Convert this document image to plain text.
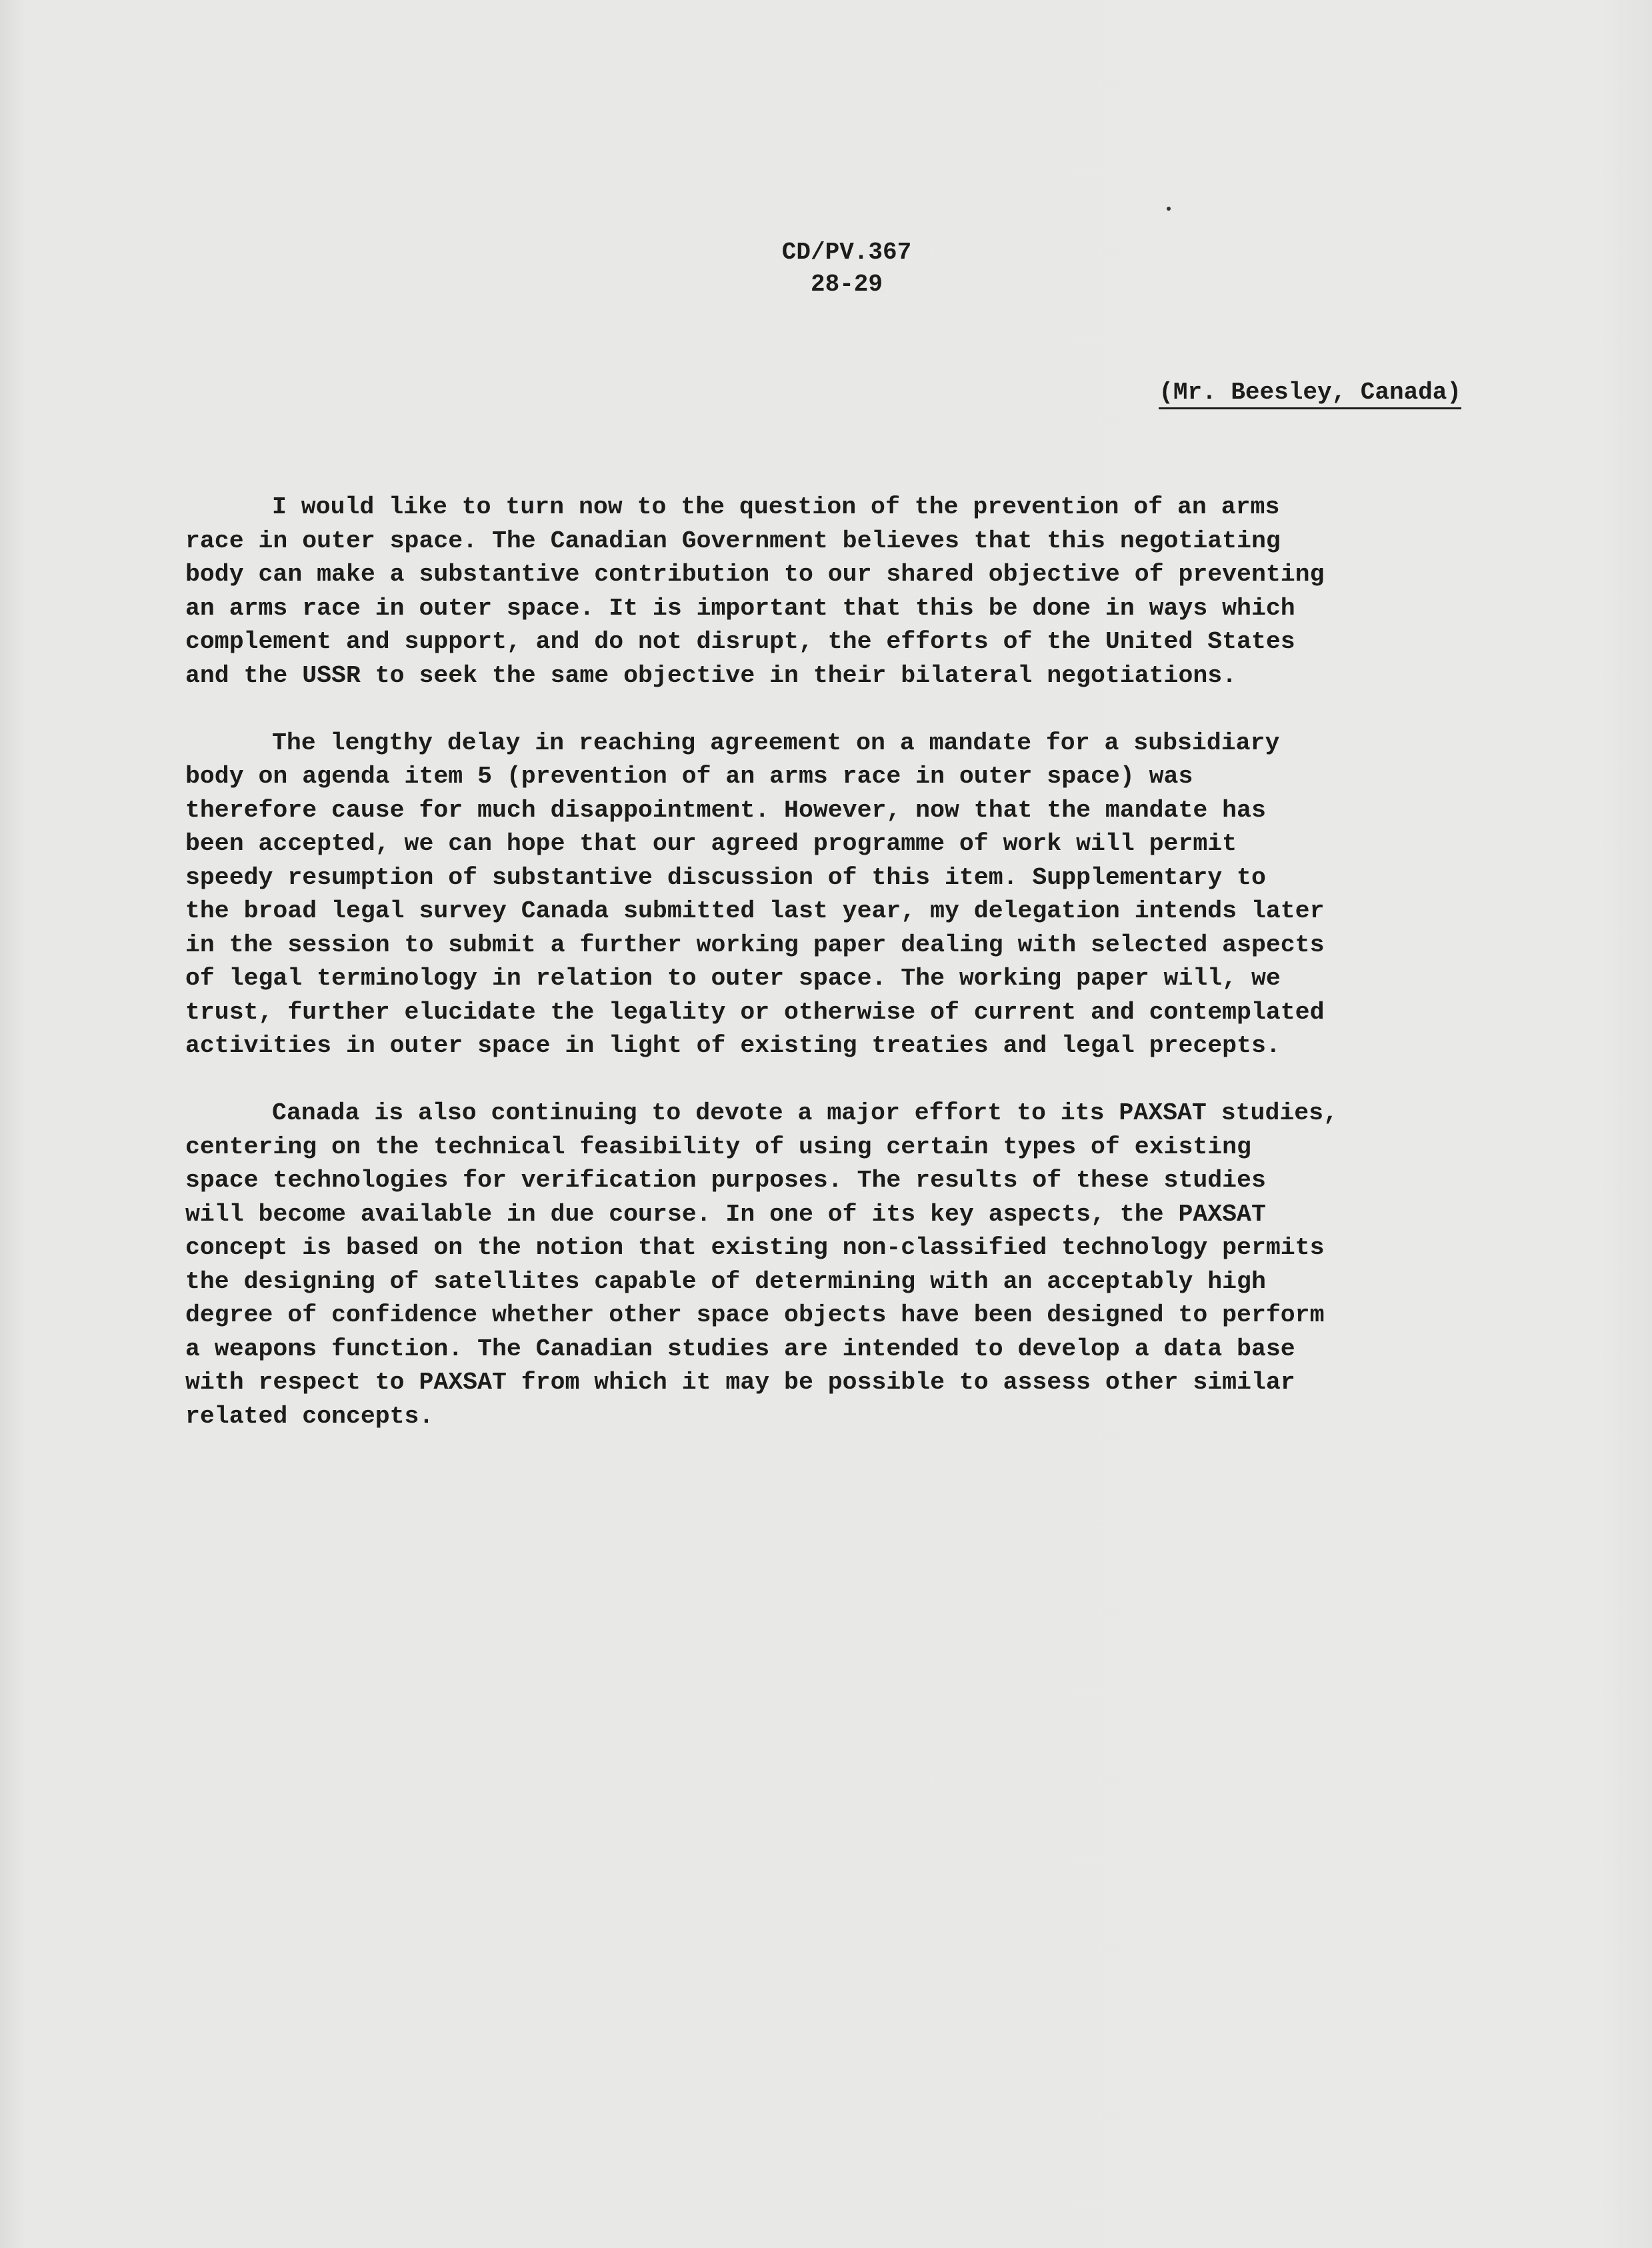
CD/PV.367
28-29
(Mr. Beesley, Canada)

I would like to turn now to the question of the prevention of an arms
race in outer space. The Canadian Government believes that this negotiating
body can make a substantive contribution to our shared objective of preventing
an arms race in outer space. It is important that this be done in ways which
complement and support, and do not disrupt, the efforts of the United States
and the USSR to seek the same objective in their bilateral negotiations.

The lengthy delay in reaching agreement on a mandate for a subsidiary
body on agenda item 5 (prevention of an arms race in outer space) was
therefore cause for much disappointment. However, now that the mandate has
been accepted, we can hope that our agreed programme of work will permit
speedy resumption of substantive discussion of this item. Supplementary to
the broad legal survey Canada submitted last year, my delegation intends later
in the session to submit a further working paper dealing with selected aspects
of legal terminology in relation to outer space. The working paper will, we
trust, further elucidate the legality or otherwise of current and contemplated
activities in outer space in light of existing treaties and legal precepts.

Canada is also continuing to devote a major effort to its PAXSAT studies,
centering on the technical feasibility of using certain types of existing
space technologies for verification purposes. The results of these studies
will become available in due course. In one of its key aspects, the PAXSAT
concept is based on the notion that existing non-classified technology permits
the designing of satellites capable of determining with an acceptably high
degree of confidence whether other space objects have been designed to perform
a weapons function. The Canadian studies are intended to develop a data base
with respect to PAXSAT from which it may be possible to assess other similar
related concepts.
